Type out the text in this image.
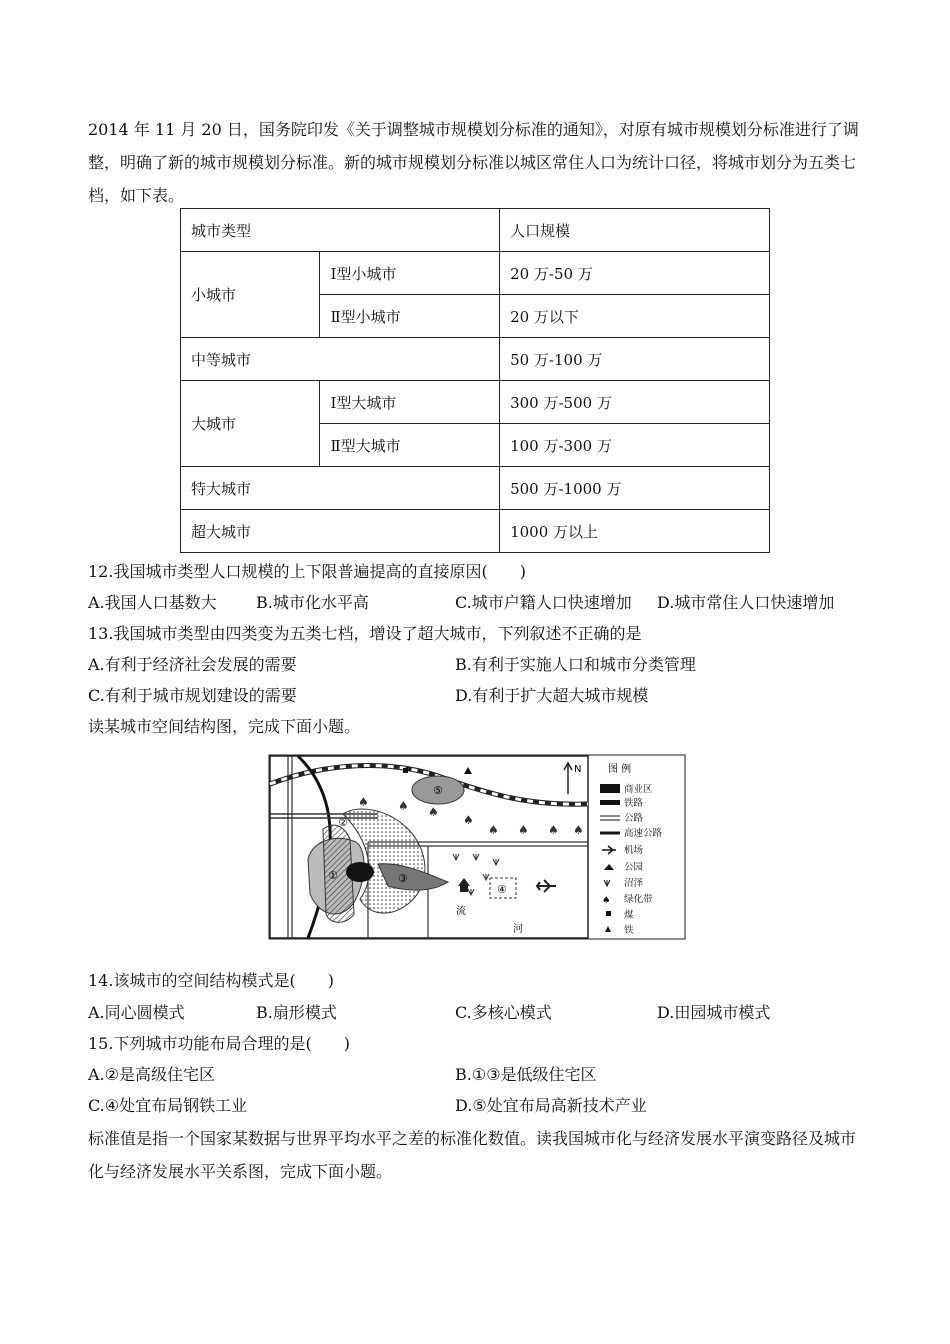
2014 年 11 月 20 日，国务院印发《关于调整城市规模划分标准的通知》，对原有城市规模划分标准进行了调整，明确了新的城市规模划分标准。新的城市规模划分标准以城区常住人口为统计口径，将城市划分为五类七档，如下表。

城市类型		人口规模
小城市	Ⅰ型小城市	20 万-50 万
	Ⅱ型小城市	20 万以下
中等城市		50 万-100 万
大城市	Ⅰ型大城市	300 万-500 万
	Ⅱ型大城市	100 万-300 万
特大城市		500 万-1000 万
超大城市		1000 万以上
12.我国城市类型人口规模的上下限普遍提高的直接原因(　　)
A.我国人口基数大 B.城市化水平高	C.城市户籍人口快速增加 D.城市常住人口快速增加
13.我国城市类型由四类变为五类七档，增设了超大城市，下列叙述不正确的是
A.有利于经济社会发展的需要	B.有利于实施人口和城市分类管理
C.有利于城市规划建设的需要	D.有利于扩大超大城市规模
读某城市空间结构图，完成下面小题。
①
②
③
④
⑤
流
河
♠ ♠ ♠
♠
♠ ♠ ♠ ♠
N	图 例
商业区
铁路
公路
高速公路
机场
公园
沼泽
♠ 绿化带
煤
铁
14.该城市的空间结构模式是(　　)
A.同心圆模式	B.扇形模式	C.多核心模式	D.田园城市模式
15.下列城市功能布局合理的是(　　)
A.②是高级住宅区	B.①③是低级住宅区
C.④处宜布局钢铁工业	D.⑤处宜布局高新技术产业

标准值是指一个国家某数据与世界平均水平之差的标准化数值。读我国城市化与经济发展水平演变路径及城市化与经济发展水平关系图，完成下面小题。
